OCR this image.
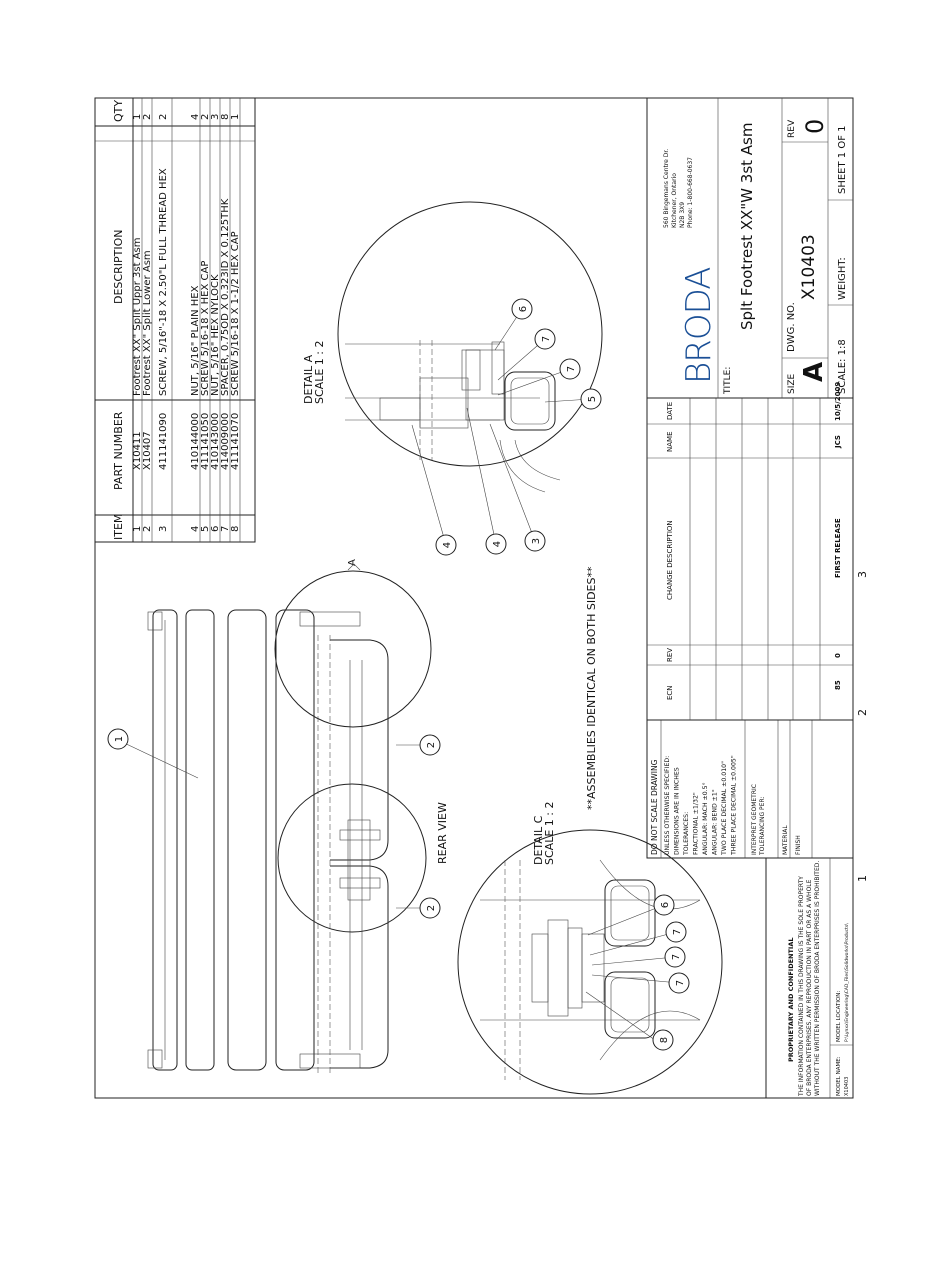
1
2
3
ITEM
PART NUMBER
DESCRIPTION
QTY
1
X10411
Footrest XX" Split Uppr 3st Asm
1
2
X10407
Footrest XX" Split Lower Asm
2
3
411141090
SCREW, 5/16"-18 X 2.50"L FULL THREAD HEX
2
4
410144000
NUT, 5/16" PLAIN HEX
4
5
411141050
SCREW 5/16-18 X HEX CAP
2
6
410143000
NUT, 5/16" HEX NYLOCK
3
7
414009000
SPACER, 0.75OD X 0.323ID X 0.125THK
8
8
411141070
SCREW 5/16-18 X 1-1/2 HEX CAP
1
A
REAR VIEW	DETAIL C
SCALE 1 : 2
1
2
2
DETAIL A
SCALE 1 : 2
6
7
7
5
4	4	3
6
7
7
7
8
**ASSEMBLIES IDENTICAL ON BOTH SIDES**	DO NOT SCALE DRAWING UNLESS OTHERWISE SPECIFIED: DIMENSIONS ARE IN INCHES TOLERANCES: FRACTIONAL ±1/32" ANGULAR: MACH ±0.5° ANGULAR: BEND ±1° TWO PLACE DECIMAL ±0.010" THREE PLACE DECIMAL ±0.005" INTERPRET GEOMETRIC TOLERANCING PER:	MATERIAL FINISH
PROPRIETARY AND CONFIDENTIAL THE INFORMATION CONTAINED IN THIS DRAWING IS THE SOLE PROPERTY OF BRODA ENTERPRISES. ANY REPRODUCTION IN PART OR AS A WHOLE WITHOUT THE WRITTEN PERMISSION OF BRODA ENTERPRISES IS PROHIBITED.	MODEL NAME: X10403
MODEL LOCATION: P:\Lynxx\Engineering\CAD_Files\Solidworks\Products\
ECN
REV
CHANGE DESCRIPTION
NAME
DATE
85
0
FIRST RELEASE
JCS
10/5/2009
BRODA
560 Bingemans Centre Dr. Kitchener, Ontario N2B 3X9 Phone: 1-800-668-0637
TITLE:
Splt Footrest XX"W 3st Asm
SIZE
A
DWG. NO.
X10403
REV 0
SCALE: 1:8
WEIGHT:
SHEET 1 OF 1
